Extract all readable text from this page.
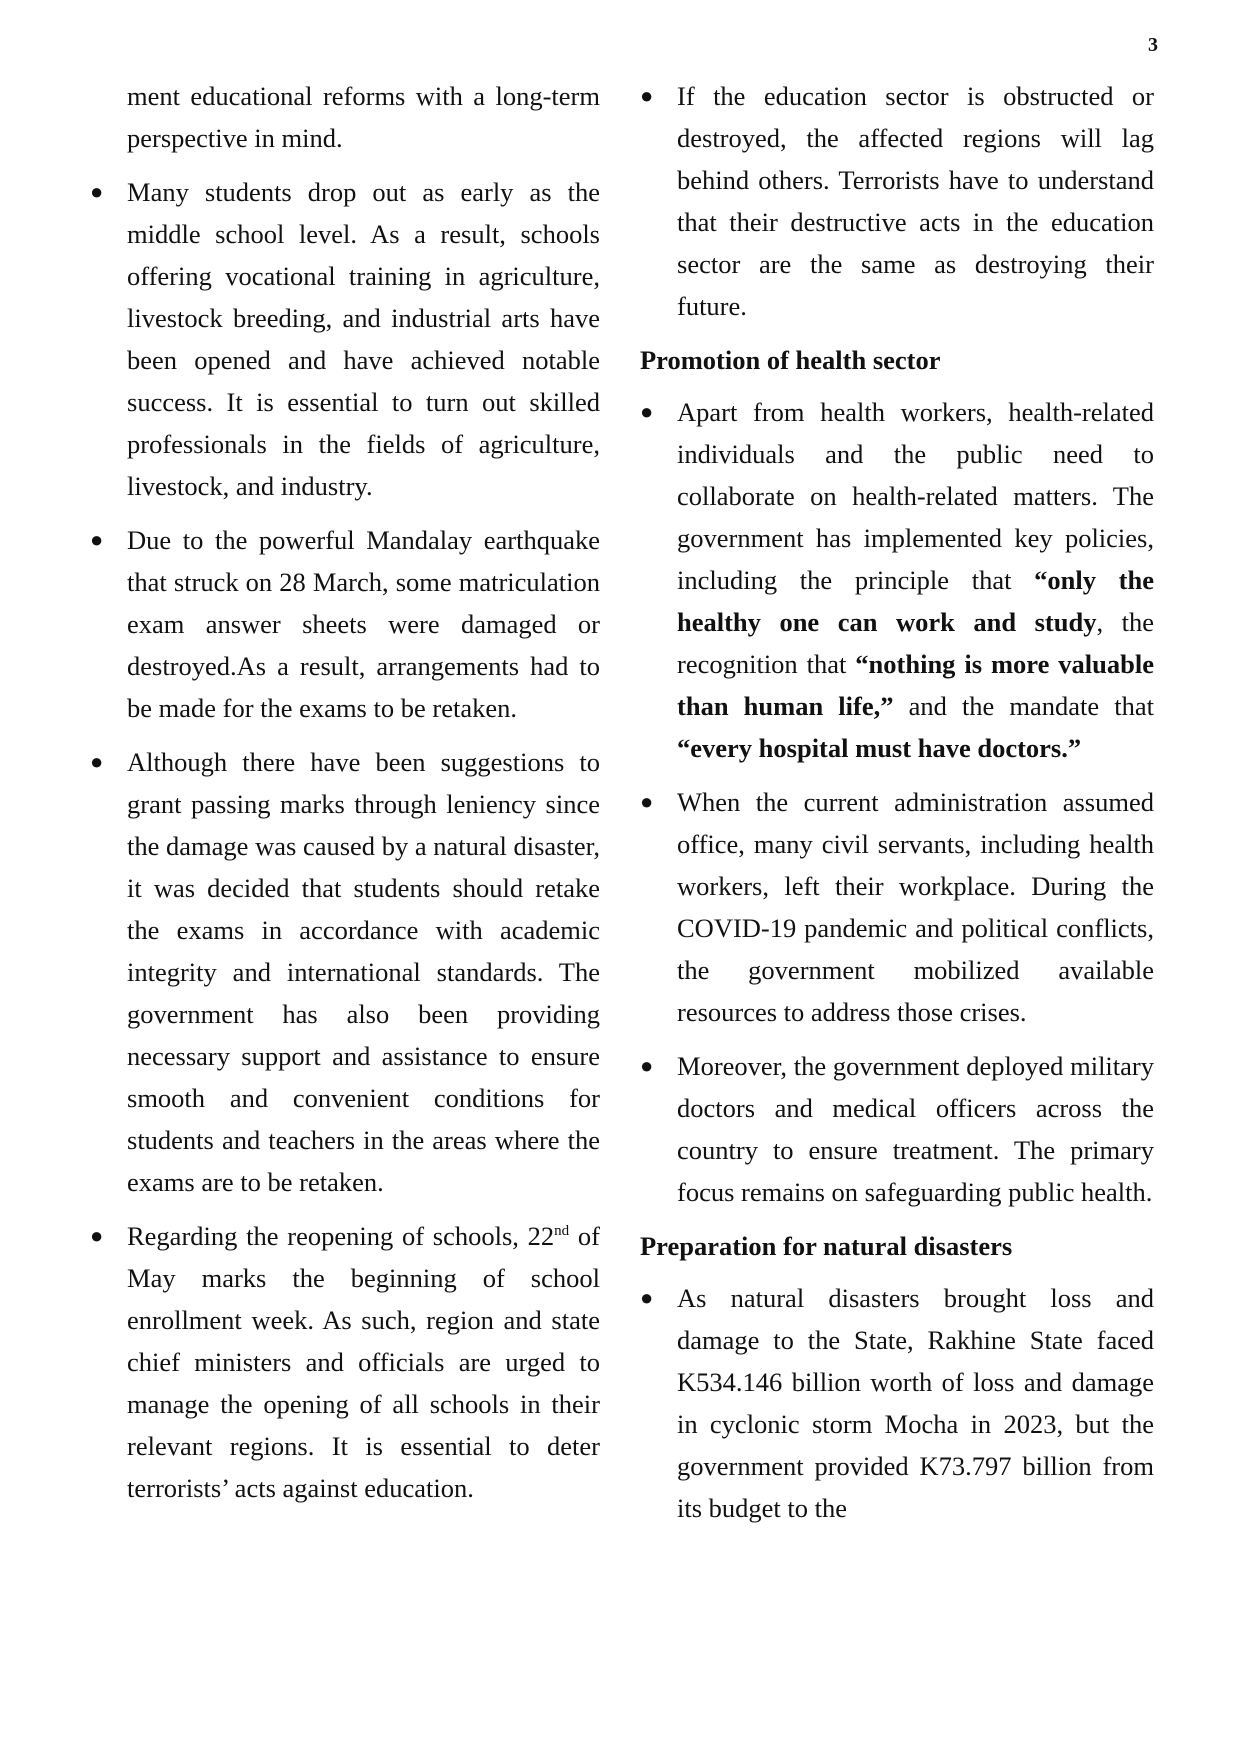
3

ment educational reforms with a long-term perspective in mind.

● Many students drop out as early as the middle school level. As a result, schools offering vocational training in agriculture, livestock breeding, and industrial arts have been opened and have achieved notable success. It is essential to turn out skilled professionals in the fields of agriculture, livestock, and industry.
● Due to the powerful Mandalay earthquake that struck on 28 March, some matriculation exam answer sheets were damaged or destroyed.As a result, arrangements had to be made for the exams to be retaken.
● Although there have been suggestions to grant passing marks through leniency since the damage was caused by a natural disaster, it was decided that students should retake the exams in accordance with academic integrity and international standards. The government has also been providing necessary support and assistance to ensure smooth and convenient conditions for students and teachers in the areas where the exams are to be retaken.
● Regarding the reopening of schools, 22nd of May marks the beginning of school enrollment week. As such, region and state chief ministers and officials are urged to manage the opening of all schools in their relevant regions. It is essential to deter terrorists’ acts against education.
● If the education sector is obstructed or destroyed, the affected regions will lag behind others. Terrorists have to understand that their destructive acts in the education sector are the same as destroying their future.
Promotion of health sector
● Apart from health workers, health-related individuals and the public need to collaborate on health-related matters. The government has implemented key policies, including the principle that “only the healthy one can work and study, the recognition that “nothing is more valuable than human life,” and the mandate that “every hospital must have doctors.”
● When the current administration assumed office, many civil servants, including health workers, left their workplace. During the COVID-19 pandemic and political conflicts, the government mobilized available resources to address those crises.
● Moreover, the government deployed military doctors and medical officers across the country to ensure treatment. The primary focus remains on safeguarding public health.
Preparation for natural disasters
● As natural disasters brought loss and damage to the State, Rakhine State faced K534.146 billion worth of loss and damage in cyclonic storm Mocha in 2023, but the government provided K73.797 billion from its budget to the
